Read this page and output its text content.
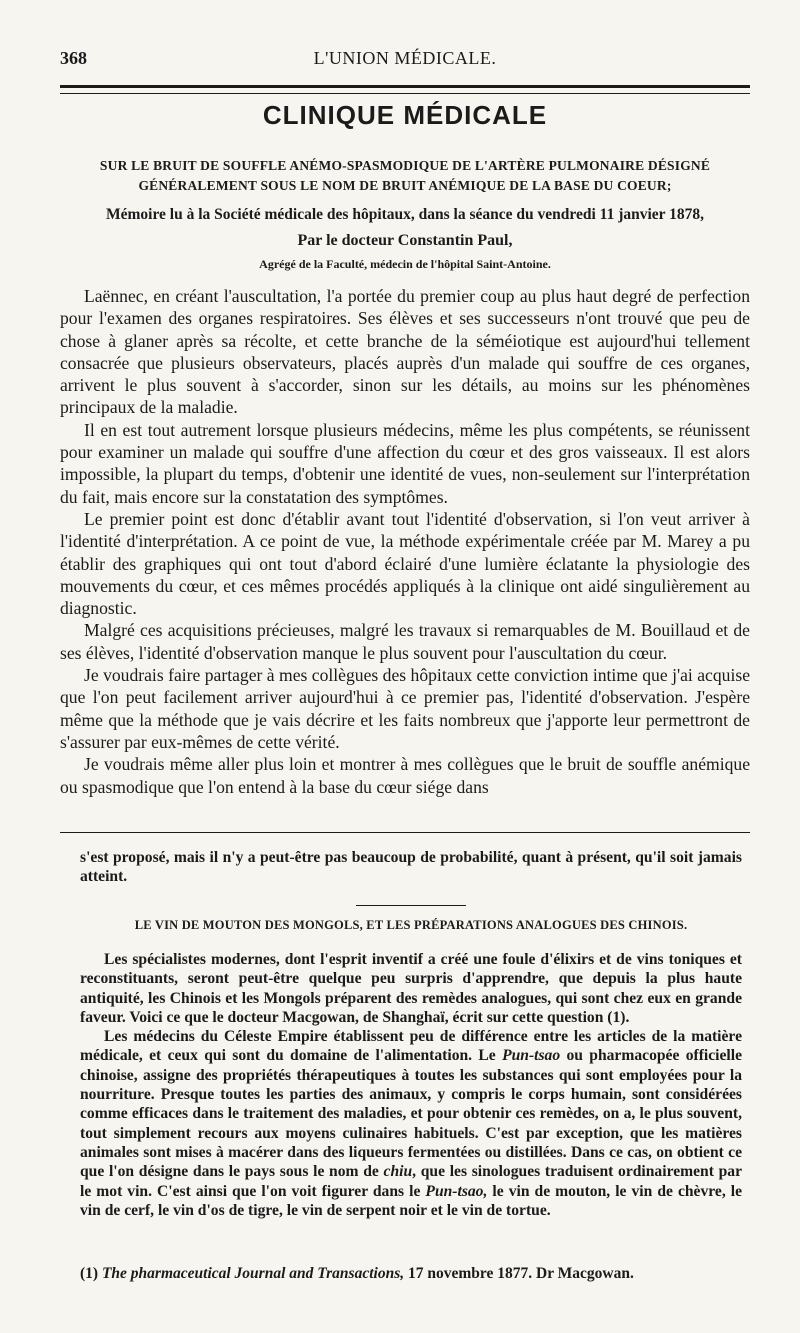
368	L'UNION MÉDICALE.
CLINIQUE MÉDICALE
SUR LE BRUIT DE SOUFFLE ANÉMO-SPASMODIQUE DE L'ARTÈRE PULMONAIRE DÉSIGNÉ
GÉNÉRALEMENT SOUS LE NOM DE BRUIT ANÉMIQUE DE LA BASE DU COEUR;
Mémoire lu à la Société médicale des hôpitaux, dans la séance du vendredi 11 janvier 1878,
Par le docteur Constantin Paul,
Agrégé de la Faculté, médecin de l'hôpital Saint-Antoine.

Laënnec, en créant l'auscultation, l'a portée du premier coup au plus haut degré de perfection pour l'examen des organes respiratoires. Ses élèves et ses successeurs n'ont trouvé que peu de chose à glaner après sa récolte, et cette branche de la séméiotique est aujourd'hui tellement consacrée que plusieurs observateurs, placés auprès d'un malade qui souffre de ces organes, arrivent le plus souvent à s'accorder, sinon sur les détails, au moins sur les phénomènes principaux de la maladie.

Il en est tout autrement lorsque plusieurs médecins, même les plus compétents, se réunissent pour examiner un malade qui souffre d'une affection du cœur et des gros vaisseaux. Il est alors impossible, la plupart du temps, d'obtenir une identité de vues, non-seulement sur l'interprétation du fait, mais encore sur la constatation des symptômes.

Le premier point est donc d'établir avant tout l'identité d'observation, si l'on veut arriver à l'identité d'interprétation. A ce point de vue, la méthode expérimentale créée par M. Marey a pu établir des graphiques qui ont tout d'abord éclairé d'une lumière éclatante la physiologie des mouvements du cœur, et ces mêmes procédés appliqués à la clinique ont aidé singulièrement au diagnostic.

Malgré ces acquisitions précieuses, malgré les travaux si remarquables de M. Bouillaud et de ses élèves, l'identité d'observation manque le plus souvent pour l'auscultation du cœur.

Je voudrais faire partager à mes collègues des hôpitaux cette conviction intime que j'ai acquise que l'on peut facilement arriver aujourd'hui à ce premier pas, l'identité d'observation. J'espère même que la méthode que je vais décrire et les faits nombreux que j'apporte leur permettront de s'assurer par eux-mêmes de cette vérité.

Je voudrais même aller plus loin et montrer à mes collègues que le bruit de souffle anémique ou spasmodique que l'on entend à la base du cœur siége dans

s'est proposé, mais il n'y a peut-être pas beaucoup de probabilité, quant à présent, qu'il soit jamais atteint.

LE VIN DE MOUTON DES MONGOLS, ET LES PRÉPARATIONS ANALOGUES DES CHINOIS.

Les spécialistes modernes, dont l'esprit inventif a créé une foule d'élixirs et de vins toniques et reconstituants, seront peut-être quelque peu surpris d'apprendre, que depuis la plus haute antiquité, les Chinois et les Mongols préparent des remèdes analogues, qui sont chez eux en grande faveur. Voici ce que le docteur Macgowan, de Shanghaï, écrit sur cette question (1).

Les médecins du Céleste Empire établissent peu de différence entre les articles de la matière médicale, et ceux qui sont du domaine de l'alimentation. Le Pun-tsao ou pharmacopée officielle chinoise, assigne des propriétés thérapeutiques à toutes les substances qui sont employées pour la nourriture. Presque toutes les parties des animaux, y compris le corps humain, sont considérées comme efficaces dans le traitement des maladies, et pour obtenir ces remèdes, on a, le plus souvent, tout simplement recours aux moyens culinaires habituels. C'est par exception, que les matières animales sont mises à macérer dans des liqueurs fermentées ou distillées. Dans ce cas, on obtient ce que l'on désigne dans le pays sous le nom de chiu, que les sinologues traduisent ordinairement par le mot vin. C'est ainsi que l'on voit figurer dans le Pun-tsao, le vin de mouton, le vin de chèvre, le vin de cerf, le vin d'os de tigre, le vin de serpent noir et le vin de tortue.

(1) The pharmaceutical Journal and Transactions, 17 novembre 1877. Dr Macgowan.
